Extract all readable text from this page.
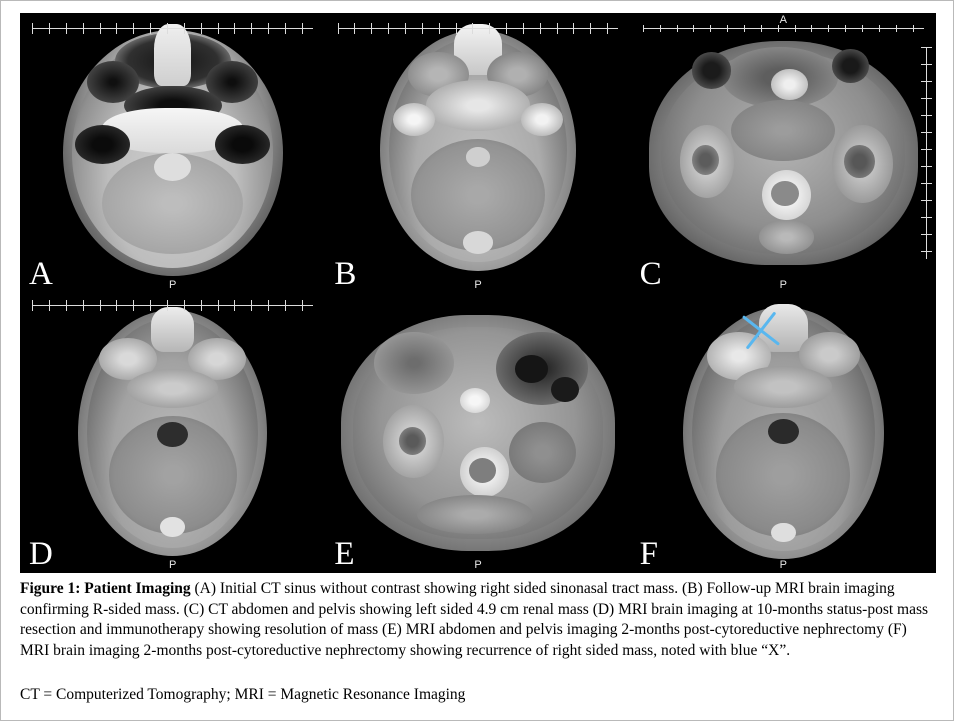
A	P	B	P	C
A
P
D	P	E	P	F	P
Figure 1: Patient Imaging (A) Initial CT sinus without contrast showing right sided sinonasal tract mass. (B) Follow-up MRI brain imaging confirming R-sided mass. (C) CT abdomen and pelvis showing left sided 4.9 cm renal mass (D) MRI brain imaging at 10-months status-post mass resection and immunotherapy showing resolution of mass (E) MRI abdomen and pelvis imaging 2-months post-cytoreductive nephrectomy (F) MRI brain imaging 2-months post-cytoreductive nephrectomy showing recurrence of right sided mass, noted with blue “X”.
CT = Computerized Tomography; MRI = Magnetic Resonance Imaging
